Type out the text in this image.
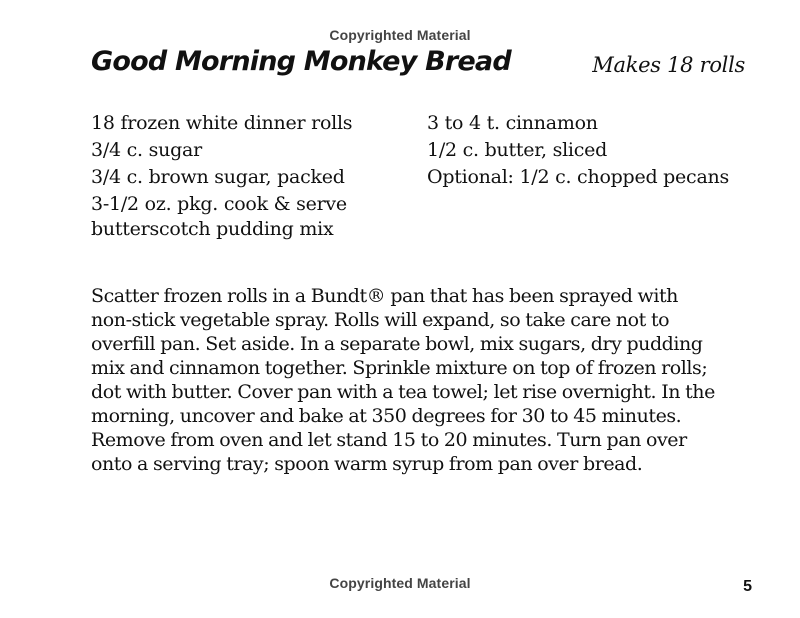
Copyrighted Material
Good Morning Monkey Bread	Makes 18 rolls
18 frozen white dinner rolls
3/4 c. sugar
3/4 c. brown sugar, packed
3-1/2 oz. pkg. cook & serve
butterscotch pudding mix
3 to 4 t. cinnamon
1/2 c. butter, sliced
Optional: 1/2 c. chopped pecans

Scatter frozen rolls in a Bundt® pan that has been sprayed with
non-stick vegetable spray. Rolls will expand, so take care not to
overfill pan. Set aside. In a separate bowl, mix sugars, dry pudding
mix and cinnamon together. Sprinkle mixture on top of frozen rolls;
dot with butter. Cover pan with a tea towel; let rise overnight. In the
morning, uncover and bake at 350 degrees for 30 to 45 minutes.
Remove from oven and let stand 15 to 20 minutes. Turn pan over
onto a serving tray; spoon warm syrup from pan over bread.

Copyrighted Material	5
